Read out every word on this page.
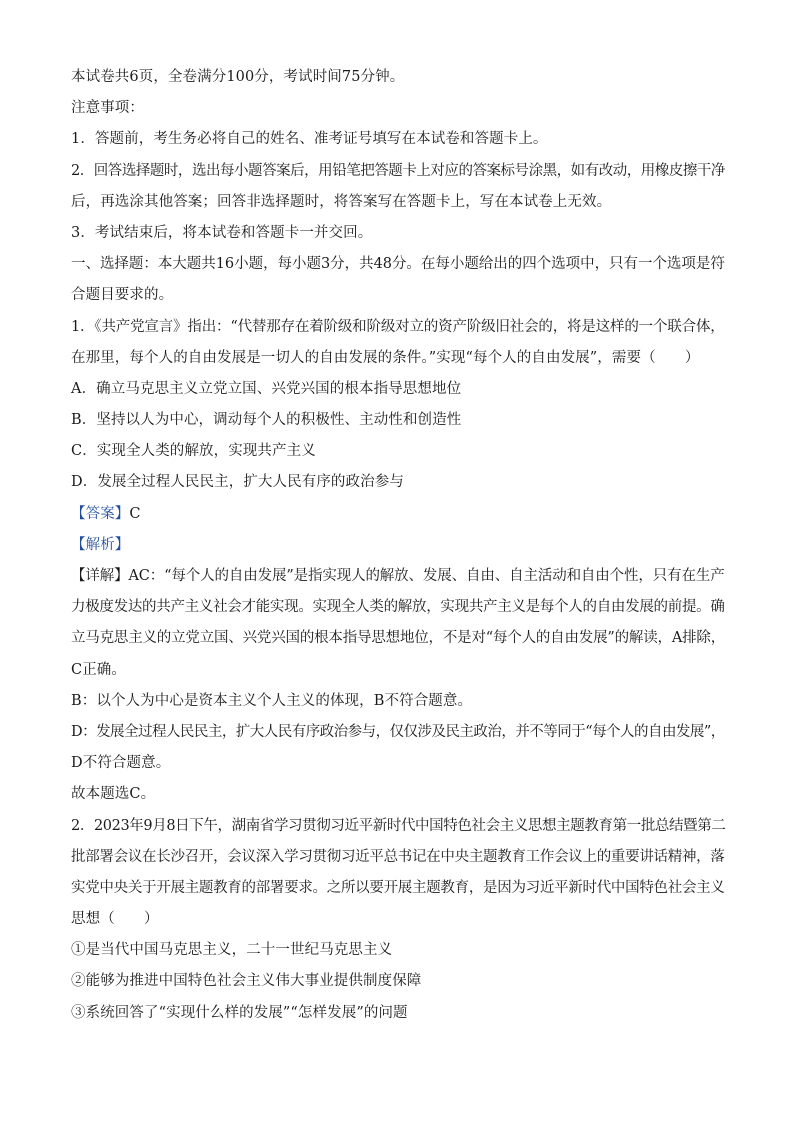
本试卷共6页，全卷满分100分，考试时间75分钟。
注意事项：
1．答题前，考生务必将自己的姓名、准考证号填写在本试卷和答题卡上。
2．回答选择题时，选出每小题答案后，用铅笔把答题卡上对应的答案标号涂黑，如有改动，用橡皮擦干净
后，再选涂其他答案；回答非选择题时，将答案写在答题卡上，写在本试卷上无效。
3．考试结束后，将本试卷和答题卡一并交回。
一、选择题：本大题共16小题，每小题3分，共48分。在每小题给出的四个选项中，只有一个选项是符
合题目要求的。
1．《共产党宣言》指出：“代替那存在着阶级和阶级对立的资产阶级旧社会的，将是这样的一个联合体，
在那里，每个人的自由发展是一切人的自由发展的条件。”实现“每个人的自由发展”，需要（　　）
A．确立马克思主义立党立国、兴党兴国的根本指导思想地位
B．坚持以人为中心，调动每个人的积极性、主动性和创造性
C．实现全人类的解放，实现共产主义
D．发展全过程人民民主，扩大人民有序的政治参与
【答案】C
【解析】
【详解】AC：“每个人的自由发展”是指实现人的解放、发展、自由、自主活动和自由个性，只有在生产
力极度发达的共产主义社会才能实现。实现全人类的解放，实现共产主义是每个人的自由发展的前提。确
立马克思主义的立党立国、兴党兴国的根本指导思想地位，不是对“每个人的自由发展”的解读，A排除，
C正确。
B：以个人为中心是资本主义个人主义的体现，B不符合题意。
D：发展全过程人民民主，扩大人民有序政治参与，仅仅涉及民主政治，并不等同于“每个人的自由发展”，
D不符合题意。
故本题选C。
2．2023年9月8日下午，湖南省学习贯彻习近平新时代中国特色社会主义思想主题教育第一批总结暨第二
批部署会议在长沙召开，会议深入学习贯彻习近平总书记在中央主题教育工作会议上的重要讲话精神，落
实党中央关于开展主题教育的部署要求。之所以要开展主题教育，是因为习近平新时代中国特色社会主义
思想（　　）
①是当代中国马克思主义，二十一世纪马克思主义
②能够为推进中国特色社会主义伟大事业提供制度保障
③系统回答了“实现什么样的发展”“怎样发展”的问题
